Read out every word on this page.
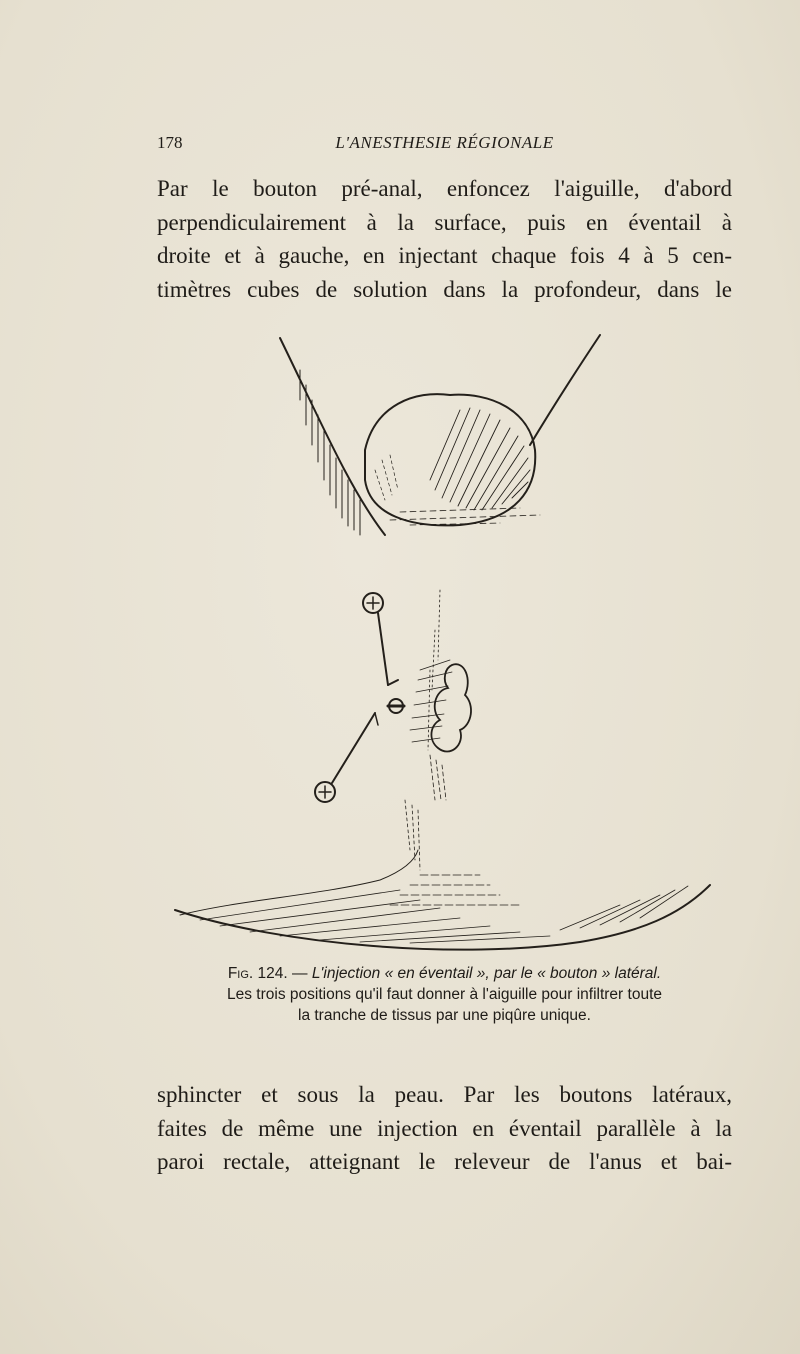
178	L'ANESTHESIE RÉGIONALE
Par le bouton pré-anal, enfoncez l'aiguille, d'abord
perpendiculairement à la surface, puis en éventail à
droite et à gauche, en injectant chaque fois 4 à 5 cen-
timètres cubes de solution dans la profondeur, dans le
Fig. 124. — L'injection « en éventail », par le « bouton » latéral.
Les trois positions qu'il faut donner à l'aiguille pour infiltrer toute
la tranche de tissus par une piqûre unique.
sphincter et sous la peau. Par les boutons latéraux,
faites de même une injection en éventail parallèle à la
paroi rectale, atteignant le releveur de l'anus et bai-
